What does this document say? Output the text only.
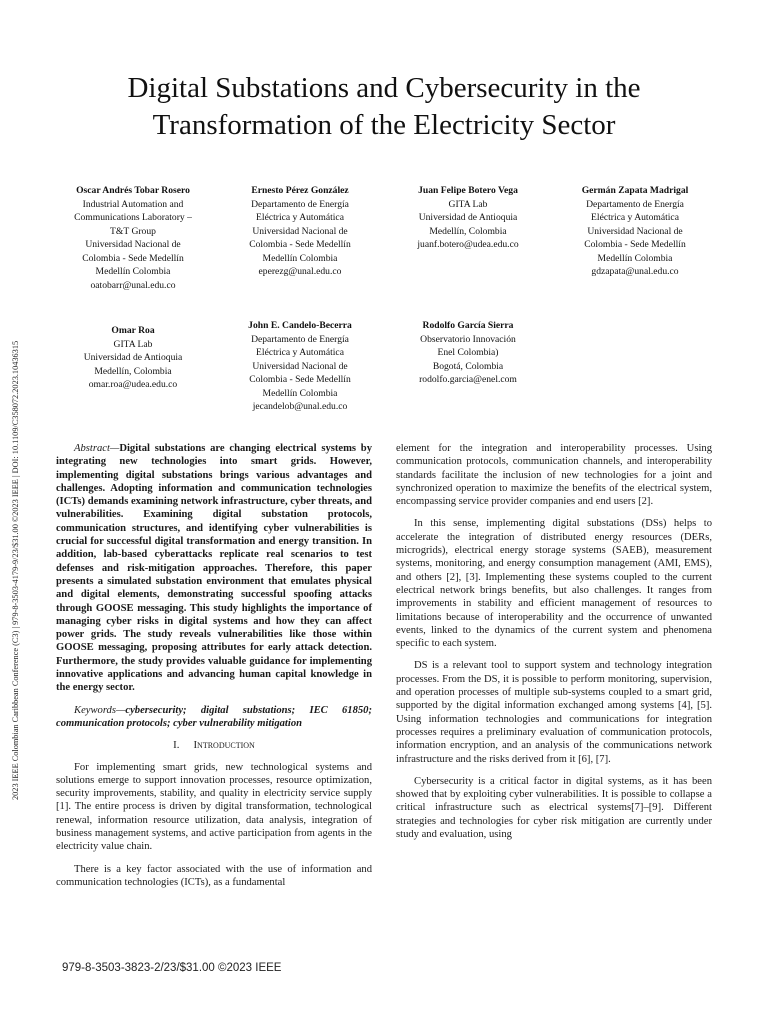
2023 IEEE Colombian Caribbean Conference (C3) | 979-8-3503-4179-9/23/$31.00 ©2023 IEEE | DOI: 10.1109/C358072.2023.10436315
Digital Substations and Cybersecurity in the
Transformation of the Electricity Sector
Oscar Andrés Tobar Rosero
Industrial Automation and
Communications Laboratory –
T&T Group
Universidad Nacional de
Colombia - Sede Medellín
Medellín Colombia
oatobarr@unal.edu.co
Ernesto Pérez González
Departamento de Energía
Eléctrica y Automática
Universidad Nacional de
Colombia - Sede Medellín
Medellín Colombia
eperezg@unal.edu.co
Juan Felipe Botero Vega
GITA Lab
Universidad de Antioquia
Medellín, Colombia
juanf.botero@udea.edu.co
Germán Zapata Madrigal
Departamento de Energía
Eléctrica y Automática
Universidad Nacional de
Colombia - Sede Medellín
Medellín Colombia
gdzapata@unal.edu.co
Omar Roa
GITA Lab
Universidad de Antioquia
Medellín, Colombia
omar.roa@udea.edu.co
John E. Candelo-Becerra
Departamento de Energía
Eléctrica y Automática
Universidad Nacional de
Colombia - Sede Medellín
Medellín Colombia
jecandelob@unal.edu.co
Rodolfo García Sierra
Observatorio Innovación
Enel Colombia)
Bogotá, Colombia
rodolfo.garcia@enel.com

Abstract—Digital substations are changing electrical systems by integrating new technologies into smart grids. However, implementing digital substations brings various advantages and challenges. Adopting information and communication technologies (ICTs) demands examining network infrastructure, cyber threats, and vulnerabilities. Examining digital substation protocols, communication structures, and identifying cyber vulnerabilities is crucial for successful digital transformation and energy transition. In addition, lab-based cyberattacks replicate real scenarios to test defenses and risk-mitigation approaches. Therefore, this paper presents a simulated substation environment that emulates physical and digital elements, demonstrating successful spoofing attacks through GOOSE messaging. This study highlights the importance of managing cyber risks in digital systems and how they can affect power grids. The study reveals vulnerabilities like those within GOOSE messaging, proposing attributes for early attack detection. Furthermore, the study provides valuable guidance for implementing innovative applications and advancing human capital knowledge in the energy sector.

Keywords—cybersecurity; digital substations; IEC 61850; communication protocols; cyber vulnerability mitigation

I. Introduction

For implementing smart grids, new technological systems and solutions emerge to support innovation processes, resource optimization, security improvements, stability, and quality in electricity service supply [1]. The entire process is driven by digital transformation, technological renewal, information resource utilization, data analysis, integration of business management systems, and active participation from agents in the electricity value chain.

There is a key factor associated with the use of information and communication technologies (ICTs), as a fundamental

element for the integration and interoperability processes. Using communication protocols, communication channels, and interoperability standards facilitate the inclusion of new technologies for a joint and synchronized operation to maximize the benefits of the electrical system, encompassing service provider companies and end users [2].

In this sense, implementing digital substations (DSs) helps to accelerate the integration of distributed energy resources (DERs, microgrids), electrical energy storage systems (SAEB), measurement systems, monitoring, and energy consumption management (AMI, EMS), and others [2], [3]. Implementing these systems coupled to the current electrical network brings benefits, but also challenges. It ranges from improvements in stability and efficient management of resources to limitations because of interoperability and the occurrence of unwanted events, linked to the dynamics of the current system and phenomena specific to each system.

DS is a relevant tool to support system and technology integration processes. From the DS, it is possible to perform monitoring, supervision, and operation processes of multiple sub-systems coupled to a smart grid, supported by the digital information exchanged among systems [4], [5]. Using information technologies and communications for integration processes requires a preliminary evaluation of communication protocols, information encryption, and an analysis of the communications network infrastructure and the risks derived from it [6], [7].

Cybersecurity is a critical factor in digital systems, as it has been showed that by exploiting cyber vulnerabilities. It is possible to collapse a critical infrastructure such as electrical systems[7]–[9]. Different strategies and technologies for cyber risk mitigation are currently under study and evaluation, using

979-8-3503-3823-2/23/$31.00 ©2023 IEEE
